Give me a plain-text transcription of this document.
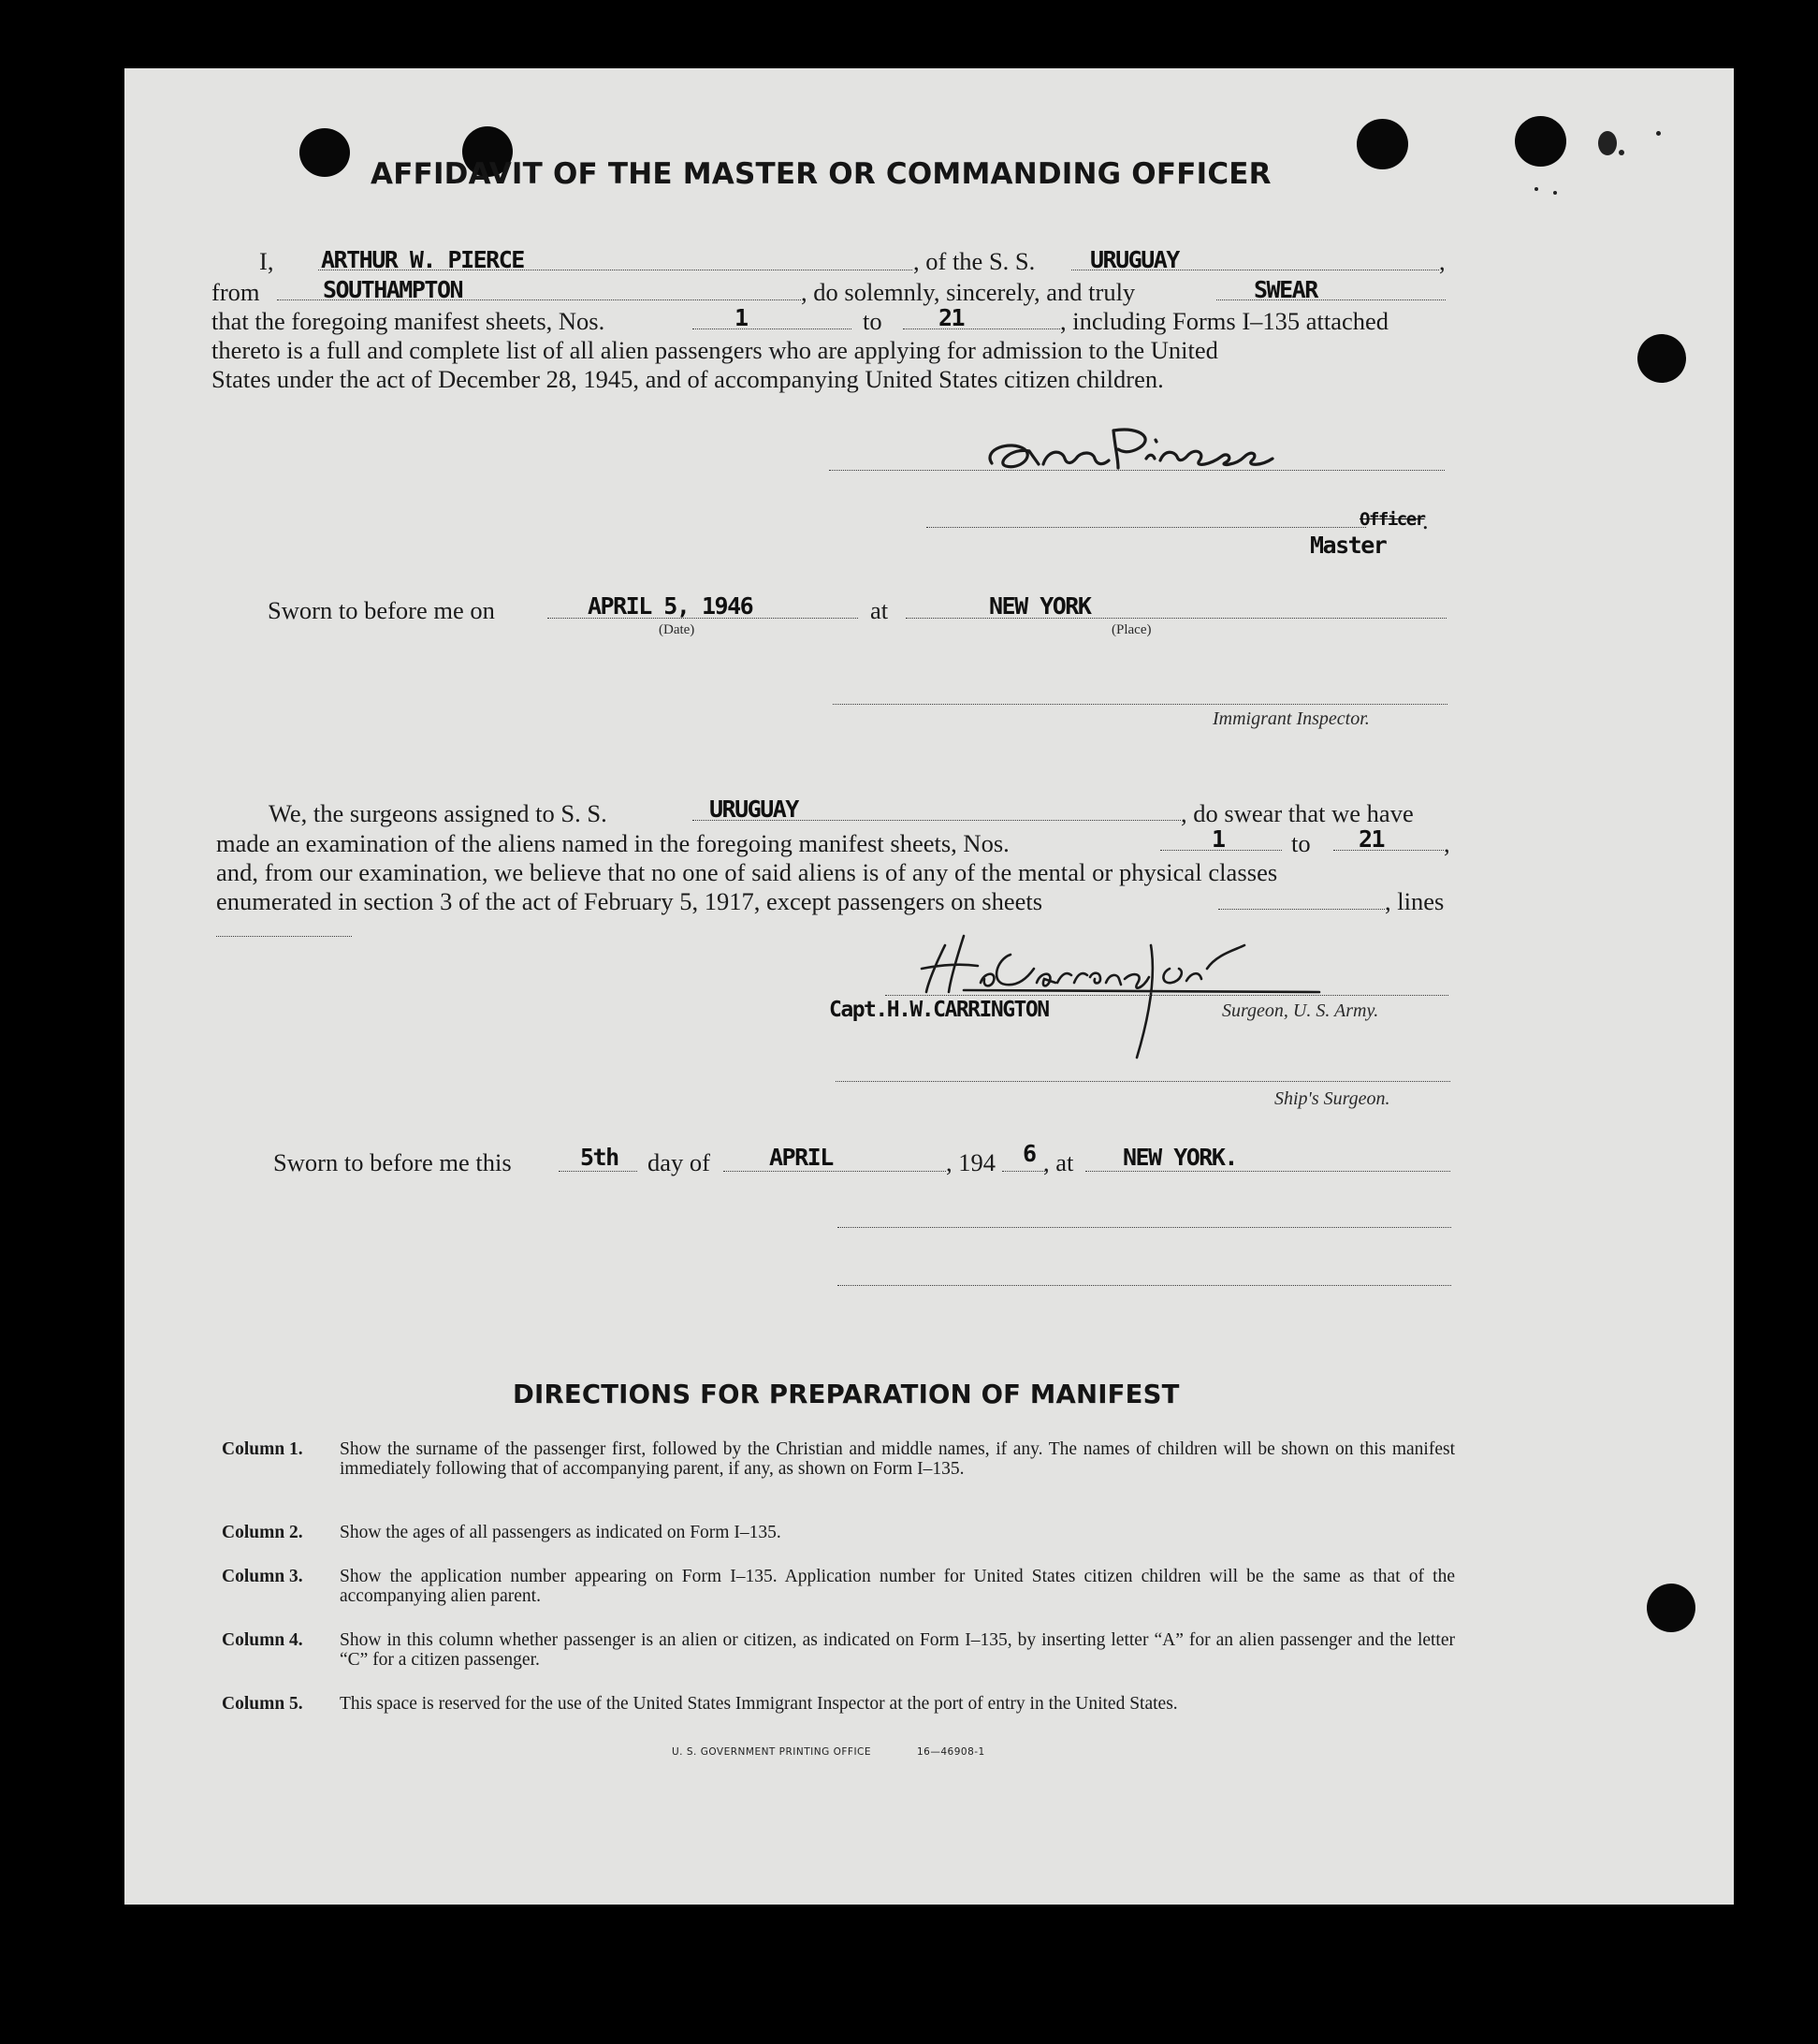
AFFIDAVIT OF THE MASTER OR COMMANDING OFFICER
I, ARTHUR W. PIERCE	, of the S. S. URUGUAY	,
from	SOUTHAMPTON	, do solemnly, sincerely, and truly	SWEAR
that the foregoing manifest sheets, Nos.	1	to 21	, including Forms I–135 attached
thereto is a full and complete list of all alien passengers who are applying for admission to the United
States under the act of December 28, 1945, and of accompanying United States citizen children.
Officer
.
Master
Sworn to before me on	APRIL 5, 1946
(Date)
at	NEW YORK
(Place)
Immigrant Inspector.
We, the surgeons assigned to S. S.	URUGUAY	, do swear that we have
made an examination of the aliens named in the foregoing manifest sheets, Nos.	1	to 21 ,
and, from our examination, we believe that no one of said aliens is of any of the mental or physical classes
enumerated in section 3 of the act of February 5, 1917, except passengers on sheets	, lines
Capt.H.W.CARRINGTON	Surgeon, U. S. Army.
Ship's Surgeon.
Sworn to before me this	5th day of	APRIL	, 194 6 , at NEW YORK.
DIRECTIONS FOR PREPARATION OF MANIFEST
Column 1. Show the surname of the passenger first, followed by the Christian and middle names, if any. The names of children will be shown on this manifest immediately following that of accompanying parent, if any, as shown on Form I–135.
Column 2. Show the ages of all passengers as indicated on Form I–135.
Column 3. Show the application number appearing on Form I–135. Application number for United States citizen children will be the same as that of the accompanying alien parent.
Column 4. Show in this column whether passenger is an alien or citizen, as indicated on Form I–135, by inserting letter “A” for an alien passenger and the letter “C” for a citizen passenger.
Column 5. This space is reserved for the use of the United States Immigrant Inspector at the port of entry in the United States.
U. S. GOVERNMENT PRINTING OFFICE	16—46908-1
